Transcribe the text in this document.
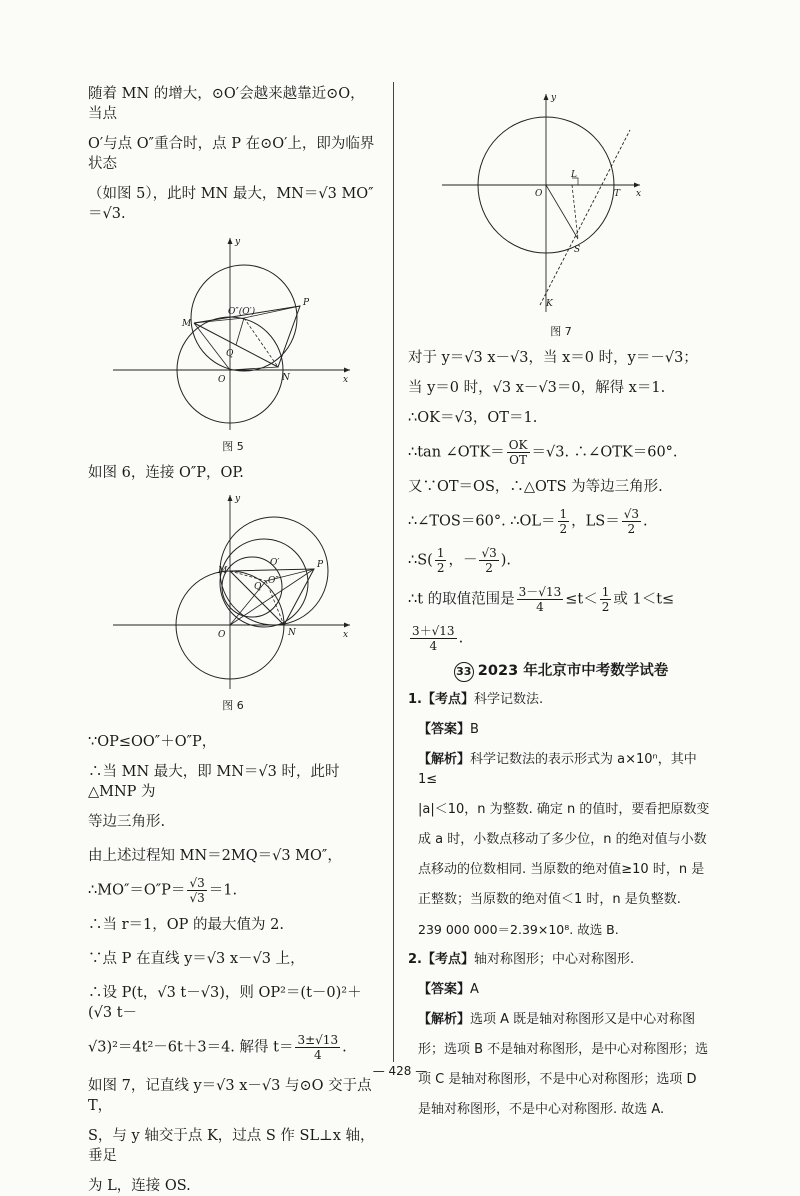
随着 MN 的增大，⊙O′会越来越靠近⊙O，当点

O′与点 O″重合时，点 P 在⊙O′上，即为临界状态

（如图 5），此时 MN 最大，MN＝√3 MO″＝√3.

y
x
O
M
N
P
Q
O″(O′)
图 5

如图 6，连接 O″P，OP.

y
x
O
M
N
P
Q
O′
O″
图 6

∵OP≤OO″＋O″P，

∴当 MN 最大，即 MN＝√3 时，此时△MNP 为

等边三角形.

由上述过程知 MN＝2MQ＝√3 MO″，

∴MO″＝O″P＝ $\frac{√3}{√3} =1$.

∴当 r＝1，OP 的最大值为 2.

∵点 P 在直线 y＝√3 x－√3 上，

∴设 P(t，√3 t－√3)，则 OP²＝(t－0)²＋(√3 t－

√3)²＝4t²－6t＋3＝4. 解得 $t= \frac{3\pm√13}{4}$ .

如图 7，记直线 y＝√3 x－√3 与⊙O 交于点 T，

S，与 y 轴交于点 K，过点 S 作 SL⊥x 轴，垂足

为 L，连接 OS.

y
x
O
L
T
S
K
图 7

对于 y＝√3 x－√3，当 x＝0 时，y＝－√3；

当 y＝0 时，√3 x－√3＝0，解得 x＝1.

∴OK＝√3，OT＝1.

∴tan ∠OTK＝ $\frac{OK}{OT} =√3$. ∴∠OTK＝60°.

又∵OT＝OS，∴△OTS 为等边三角形.

∴∠TOS＝60°. ∴OL＝ $\frac{1}{2}$ ，$LS= \frac{√3}{2}$ .

∴S( $\frac{1}{2}$ ，－ $\frac{√3}{2}$ ).

∴t 的取值范围是 $\frac{3-√13}{4} \le t< \frac{1}{2}$ 或 1＜t≤

$\frac{3+√13}{4}$ .

33 2023 年北京市中考数学试卷

1.【考点】科学记数法.

【答案】B

【解析】科学记数法的表示形式为 a×10ⁿ，其中1≤

|a|＜10，n 为整数. 确定 n 的值时，要看把原数变

成 a 时，小数点移动了多少位，n 的绝对值与小数

点移动的位数相同. 当原数的绝对值≥10 时，n 是

正整数；当原数的绝对值＜1 时，n 是负整数.

239 000 000＝2.39×10⁸. 故选 B.

2.【考点】轴对称图形；中心对称图形.

【答案】A

【解析】选项 A 既是轴对称图形又是中心对称图

形；选项 B 不是轴对称图形，是中心对称图形；选

项 C 是轴对称图形，不是中心对称图形；选项 D

是轴对称图形，不是中心对称图形. 故选 A.

— 428 —
